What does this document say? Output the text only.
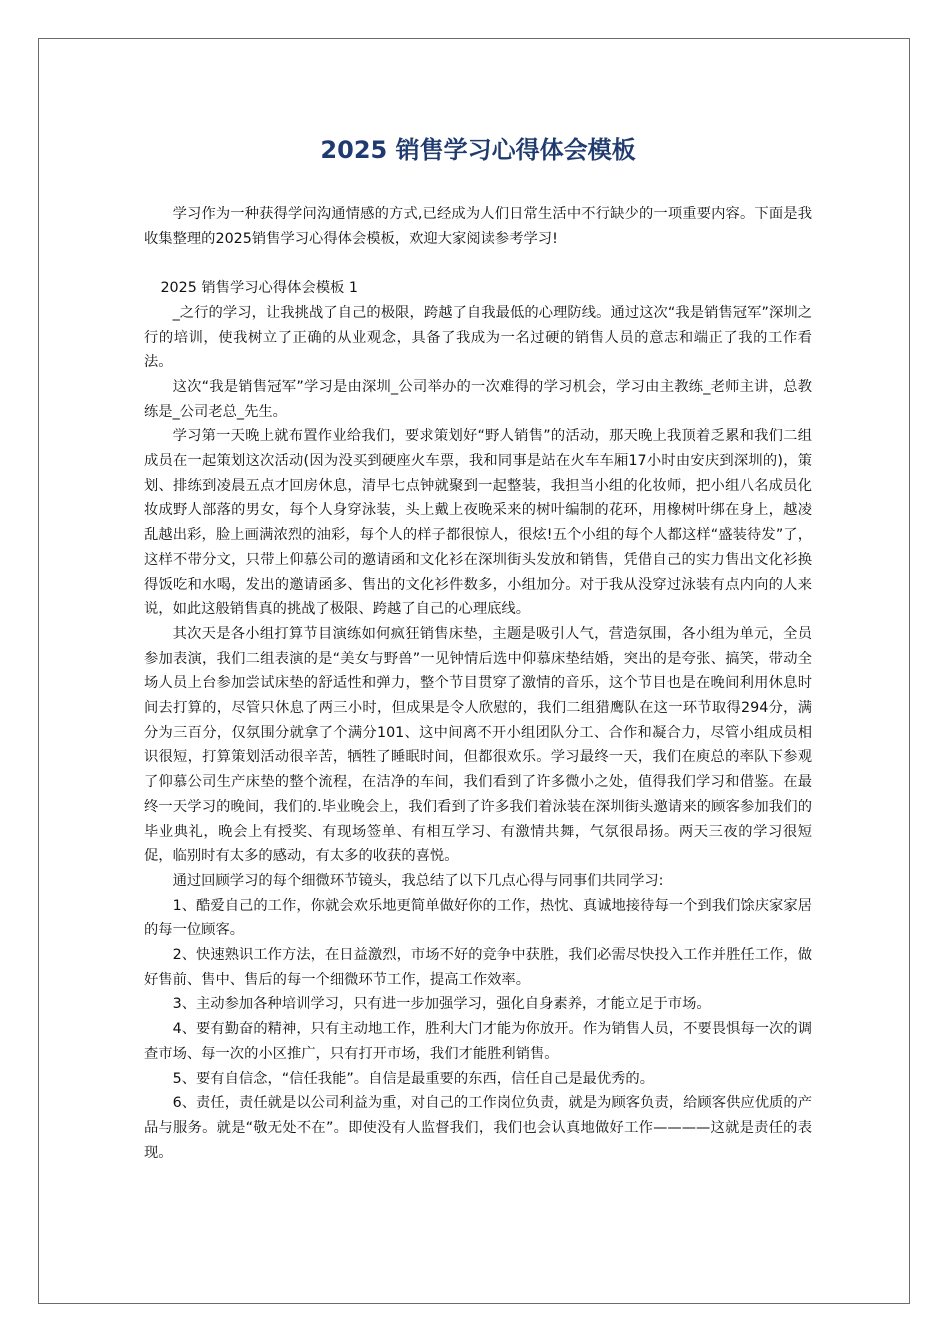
2025 销售学习心得体会模板

学习作为一种获得学问沟通情感的方式,已经成为人们日常生活中不行缺少的一项重要内容。下面是我收集整理的2025销售学习心得体会模板，欢迎大家阅读参考学习!

2025 销售学习心得体会模板 1

_之行的学习，让我挑战了自己的极限，跨越了自我最低的心理防线。通过这次“我是销售冠军”深圳之行的培训，使我树立了正确的从业观念，具备了我成为一名过硬的销售人员的意志和端正了我的工作看法。

这次“我是销售冠军”学习是由深圳_公司举办的一次难得的学习机会，学习由主教练_老师主讲，总教练是_公司老总_先生。

学习第一天晚上就布置作业给我们，要求策划好“野人销售”的活动，那天晚上我顶着乏累和我们二组成员在一起策划这次活动(因为没买到硬座火车票，我和同事是站在火车车厢17小时由安庆到深圳的)，策划、排练到凌晨五点才回房休息，清早七点钟就聚到一起整装，我担当小组的化妆师，把小组八名成员化妆成野人部落的男女，每个人身穿泳装，头上戴上夜晚采来的树叶编制的花环，用橡树叶绑在身上，越凌乱越出彩，脸上画满浓烈的油彩，每个人的样子都很惊人，很炫!五个小组的每个人都这样“盛装待发”了，这样不带分文，只带上仰慕公司的邀请函和文化衫在深圳街头发放和销售，凭借自己的实力售出文化衫换得饭吃和水喝，发出的邀请函多、售出的文化衫件数多，小组加分。对于我从没穿过泳装有点内向的人来说，如此这般销售真的挑战了极限、跨越了自己的心理底线。

其次天是各小组打算节目演练如何疯狂销售床垫，主题是吸引人气，营造氛围，各小组为单元，全员参加表演，我们二组表演的是“美女与野兽”一见钟情后选中仰慕床垫结婚，突出的是夸张、搞笑，带动全场人员上台参加尝试床垫的舒适性和弹力，整个节目贯穿了激情的音乐，这个节目也是在晚间利用休息时间去打算的，尽管只休息了两三小时，但成果是令人欣慰的，我们二组猎鹰队在这一环节取得294分，满分为三百分，仅氛围分就拿了个满分101、这中间离不开小组团队分工、合作和凝合力，尽管小组成员相识很短，打算策划活动很辛苦，牺牲了睡眠时间，但都很欢乐。学习最终一天，我们在庾总的率队下参观了仰慕公司生产床垫的整个流程，在洁净的车间，我们看到了许多微小之处，值得我们学习和借鉴。在最终一天学习的晚间，我们的.毕业晚会上，我们看到了许多我们着泳装在深圳街头邀请来的顾客参加我们的毕业典礼，晚会上有授奖、有现场签单、有相互学习、有激情共舞，气氛很昂扬。两天三夜的学习很短促，临别时有太多的感动，有太多的收获的喜悦。

通过回顾学习的每个细微环节镜头，我总结了以下几点心得与同事们共同学习:

1、酷爱自己的工作，你就会欢乐地更简单做好你的工作，热忱、真诚地接待每一个到我们馀庆家家居的每一位顾客。

2、快速熟识工作方法，在日益激烈，市场不好的竞争中获胜，我们必需尽快投入工作并胜任工作，做好售前、售中、售后的每一个细微环节工作，提高工作效率。

3、主动参加各种培训学习，只有进一步加强学习，强化自身素养，才能立足于市场。

4、要有勤奋的精神，只有主动地工作，胜利大门才能为你放开。作为销售人员，不要畏惧每一次的调查市场、每一次的小区推广，只有打开市场，我们才能胜利销售。

5、要有自信念，“信任我能”。自信是最重要的东西，信任自己是最优秀的。

6、责任，责任就是以公司利益为重，对自己的工作岗位负责，就是为顾客负责，给顾客供应优质的产品与服务。就是“敬无处不在”。即使没有人监督我们，我们也会认真地做好工作————这就是责任的表现。
